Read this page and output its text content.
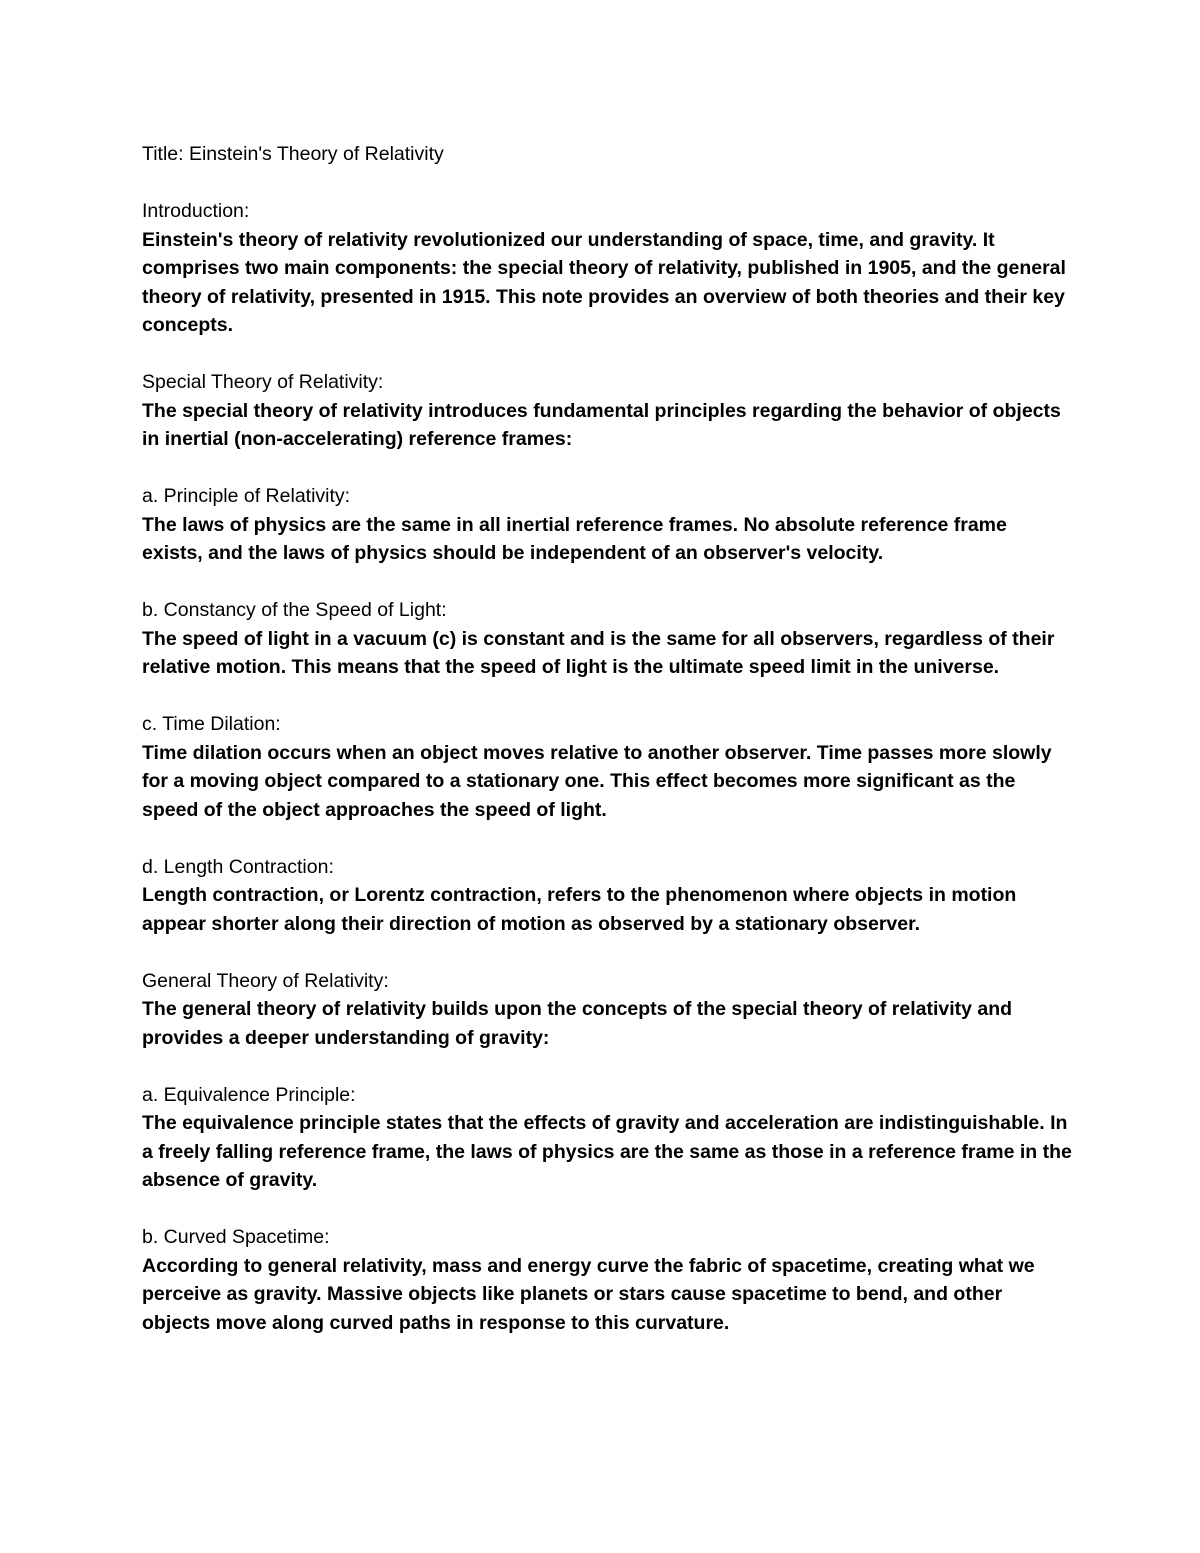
Title: Einstein's Theory of Relativity
Introduction:

Einstein's theory of relativity revolutionized our understanding of space, time, and gravity. It comprises two main components: the special theory of relativity, published in 1905, and the general theory of relativity, presented in 1915. This note provides an overview of both theories and their key concepts.

Special Theory of Relativity:

The special theory of relativity introduces fundamental principles regarding the behavior of objects in inertial (non-accelerating) reference frames:

a. Principle of Relativity:

The laws of physics are the same in all inertial reference frames. No absolute reference frame exists, and the laws of physics should be independent of an observer's velocity.

b. Constancy of the Speed of Light:

The speed of light in a vacuum (c) is constant and is the same for all observers, regardless of their relative motion. This means that the speed of light is the ultimate speed limit in the universe.

c. Time Dilation:

Time dilation occurs when an object moves relative to another observer. Time passes more slowly for a moving object compared to a stationary one. This effect becomes more significant as the speed of the object approaches the speed of light.

d. Length Contraction:

Length contraction, or Lorentz contraction, refers to the phenomenon where objects in motion appear shorter along their direction of motion as observed by a stationary observer.

General Theory of Relativity:

The general theory of relativity builds upon the concepts of the special theory of relativity and provides a deeper understanding of gravity:

a. Equivalence Principle:

The equivalence principle states that the effects of gravity and acceleration are indistinguishable. In a freely falling reference frame, the laws of physics are the same as those in a reference frame in the absence of gravity.

b. Curved Spacetime:

According to general relativity, mass and energy curve the fabric of spacetime, creating what we perceive as gravity. Massive objects like planets or stars cause spacetime to bend, and other objects move along curved paths in response to this curvature.
